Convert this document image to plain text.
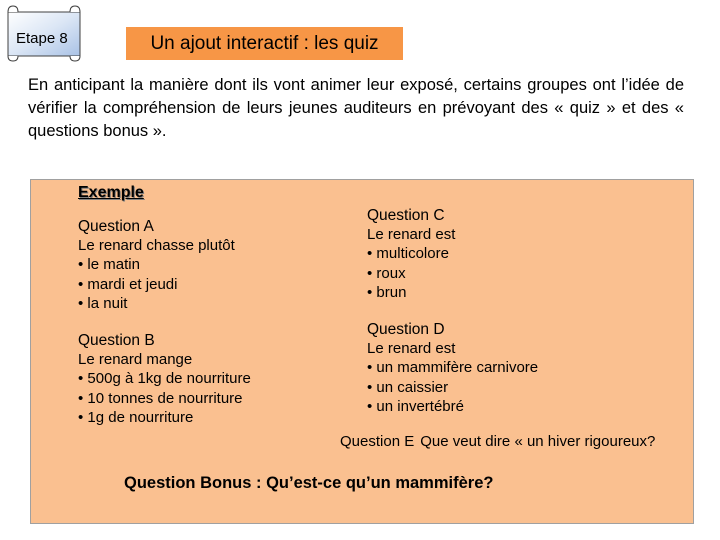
Etape 8	Un ajout interactif : les quiz

En anticipant la manière dont ils vont animer leur exposé, certains groupes ont l’idée de vérifier la compréhension de leurs jeunes auditeurs en prévoyant des « quiz » et des « questions bonus ».

Exemple
Question A
Le renard chasse plutôt
• le matin
• mardi et jeudi
• la nuit
Question B
Le renard mange
• 500g à 1kg de nourriture
• 10 tonnes de nourriture
• 1g de nourriture
Question C
Le renard est
• multicolore
• roux
• brun
Question D
Le renard est
• un mammifère carnivore
• un caissier
• un invertébré
Question E Que veut dire « un hiver rigoureux?
Question Bonus : Qu’est-ce qu’un mammifère?
